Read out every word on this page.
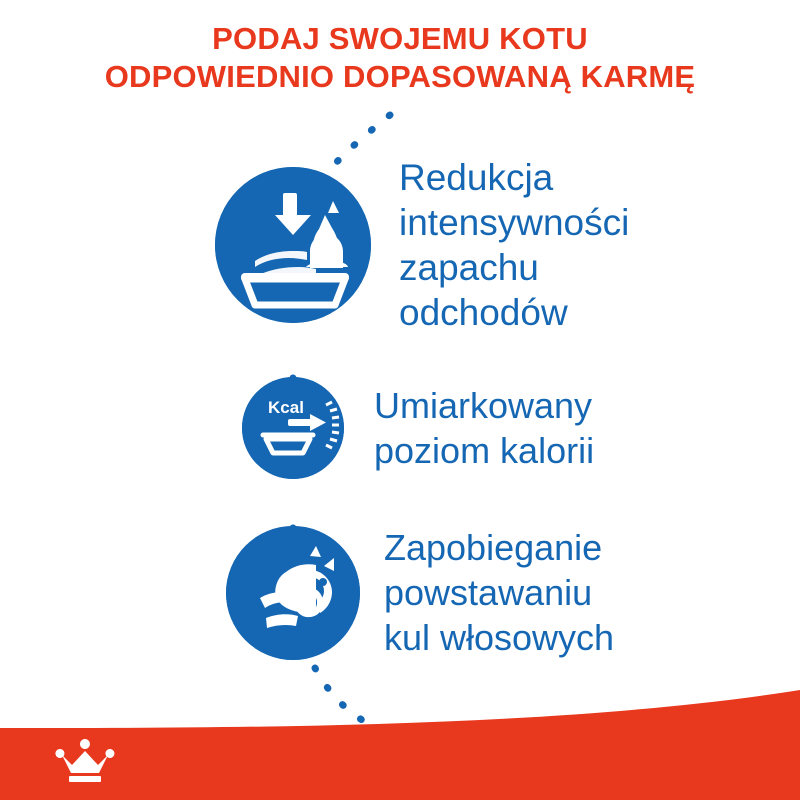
PODAJ SWOJEMU KOTU
ODPOWIEDNIO DOPASOWANĄ KARMĘ
Redukcja
intensywności
zapachu
odchodów
Kcal Umiarkowany
poziom kalorii
Zapobieganie
powstawaniu
kul włosowych
